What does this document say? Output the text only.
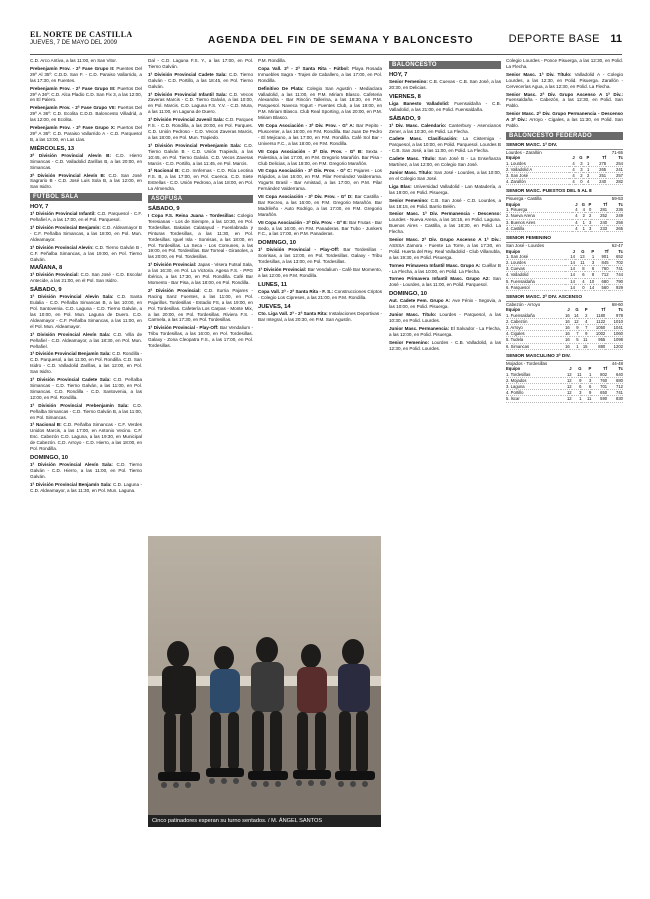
EL NORTE DE CASTILLA
JUEVES, 7 DE MAYO DEL 2009	AGENDA DEL FIN DE SEMANA Y BALONCESTO	DEPORTE BASE 11

C.D. Arco Antiva, a las 11:00, en San Vitor.

Prebenjamín Prov. - 2ª Fase Grupo II: Puentes Del 29º Al 35º: C.D.D. San F. - C.D. Paraiso Vallarrido, a las 17:30, en Fuentes.

Prebenjamín Prov. - 2ª Fase Grupo III: Puertos Del 29º A 36º: C.D. Alca Pladio C.D. San Fix 3, a las 12:00, en El Palero.

Prebenjamín Prov. - 2ª Fase Grupo VII: Puertos Del 29º A 36º: C.D. Ecolita C.D.D. Baloncesto Villadrid, a las 12:00, en Ecolita.

Prebenjamín Prov. - 2ª Fase Grupo X: Puertos Del 29º A 36º: C.D. Paraiso Vallarrido A - C.D. Parquesol B, a las 13:00, en Las Llas.

MIÉRCOLES, 13

3ª División Provincial Alevín B: C.D. Hierro Simancas - C.D. Valladolid Zarillas B, a las 20:00, en Simancas.

3ª División Provincial Alevín B: C.D. San José Sagrario B - C.D. José Luis Sola B, a las 12:00, en San Isidro.

FÚTBOL SALA
HOY, 7

1ª División Provincial Infantil: C.D. Parquesol - C.F. Peñafiel A, a las 17:00, en el Pol. Parquesol.

1ª División Provincial Benjamín: C.D. Aldeamayor B - C.F. Peñalba Simancas, a las 18:00, en Pol. Mun. Aldeamayor.

1ª División Provincial Alevín: C.D. Tierno Galván B - C.F. Peñalba Simancas, a las 19:00, en Pol. Tierno Galván.

MAÑANA, 8

1ª División Provincial: C.D. San José - C.D. Escolar Antecide, a las 21:00, en el Pol. San Isidro.

SÁBADO, 9

1ª División Provincial Alevín Sala: C.D. Santa Eulalia - C.D. Peñalba Simancas B, a las 10:00, en Pol. Santovenia. C.D. Laguna - C.D. Tierno Galván, a las 10:00, en Pol. Mun. Laguna de Duero. C.D. Aldeamayor - C.F. Peñalba Simancas, a las 11:00, en el Pol. Mun. Aldeamayor.

1ª División Provincial Alevín Sala: C.D. Villa de Peñafiel - C.D. Aldeamayor, a las 18:30, en Pol. Mun. Peñafiel.

1ª División Provincial Benjamín Sala: C.D. Rondilla - C.D. Parquesol, a las 11:00, en Pol. Rondilla. C.D. San Isidro - C.D. Valladolid Zarillas, a las 12:00, en Pol. San Isidro.

1ª División Provincial Cadete Sala: C.D. Peñalba Simancas - C.D. Tierno Galván, a las 11:00, en Pol. Simancas. C.D. Rondilla - C.D. Santovenia, a las 12:00, en Pol. Rondilla.

1ª División Provincial Prebenjamín Sala: C.D. Peñalba Simancas - C.D. Tierno Galván B, a las 11:00, en Pol. Simancas.

1ª Nacional B: C.D. Peñalba Simancas - C.F. Verdes Unidos Marcis, a las 17:00, en Antonio Vecino. C.F. Esc. Cabezón C.D. Laguna, a las 19:30, en Municipal de Cabezón. C.D. Arroyo - C.D. Hierro, a las 18:00, en Pol. Rondilla.

DOMINGO, 10

1ª División Provincial Alevín Sala: C.D. Tierno Galván - C.D. Hierro, a las 11:00, en Pol. Tierno Galván.

1ª División Provincial Benjamín Sala: C.D. Laguna - C.D. Aldeamayor, a las 11:30, en Pol. Mun. Laguna.

Dal - C.D. Laguna F.S. Y., a las 17:00, en Pol. Tierno Galván.

1ª División Provincial Cadete Sala: C.D. Tierno Galván - C.D. Portillo, a las 18:45, en Pol. Tierno Galván.

1ª División Provincial Infantil Sala: C.D. Vecos Zaveras Marcis - C.D. Tierno Galván, a las 10:00, en Pol. Marcis. C.D. Laguna F.S. Y.V. - C.D. Mura, a las 11:00, en Laguna de Duero.

1ª División Provincial Juvenil Sala: C.D. Parques F.S. - C.D. Rondilla, a las 20:00, en Pol. Parques. C.D. Unión Pedroso - C.D. Vecos Zaveras Marcis, a las 18:00, en Pol. Mun. Trapiedo.

1ª División Provincial Prebenjamín Sala: C.D. Tierno Galván B - C.D. Unión Trapiedo, a las 10:45, en Pol. Tierno Galván. C.D. Vecos Zaveras Marcis - C.D. Portillo, a las 11:45, en Pol. Marcis.

1ª Nacional B: C.D. Innfernas - C.D. Rúa Leotina F.S. B, a las 17:00, en Pol. Cuenca. C.D. Siete Estrellas - C.D. Unión Pedroso, a las 18:00, en Pol. La Almendra.

ASOFUSA
SÁBADO, 9

I Copa F.S. Reina Juana - Tordesillas: Colegio Teresianas - Los de Siempre, a las 10:30, en Pol. Tordesillas. Bakalas Calatayud - Fuenlabrada y Pinturas Tordesillas, a las 11:30, en Pol. Tordesillas. Iguel Isla - Sonrisas, a las 18:00, en Pol. Tordesillas. La Seca - Los Comunes, a las 19:00, en Pol. Tordesillas. Bar Torreal - Girasoles, a las 20:00, en Pol. Tordesillas.

1ª División Provincial: Japas - Visera Futsal Sala, a las 16:30, en Pol. La Victoria. Agesa F.S. - PPG Ibérica, a las 17:30, en Pol. Rondilla. Café Bar Momento - Bar Pisa, a las 18:00, en Pol. Rondilla.

2ª División Provincial: C.D. Iturria Pajares - Racing Sanz Fuentes, a las 11:00, en Pol. Pajarillos. Tordesillas - Estadio FS, a las 19:00, en Pol. Tordesillas. Cafetería Los Carpas - Monte Mix, a las 20:00, en Pol. Tordesillas. Riviera F.S. - Carmela, a las 17:30, en Pol. Tordesillas.

1ª División Provincial - Play-Off: Bar Vendalium - Tribu Tordesillas, a las 16:00, en Pol. Tordesillas. Galaxy - Zona Cleopatra F.S., a las 17:00, en Pol. Tordesillas.

P.M. Rondilla.

Copa Vall. 2ª - 2ª Santa Rita - Fútbol: Playa Rosada Inmuebles Sagra - Trajes de Caballero, a las 17:00, en Pol. Rondilla.

Definitivo De Plata: Colegio San Agustín - Mediaclara Valladolid, a las 11:00, en P.M. Miriam Blasco. Cafeteria Alexandra - Bar Rincón Tallerina, a las 18:30, en P.M. Parquesol. Naveca Yogurt - Fuentes Club, a las 19:00, en P.M. Miriam Blasco. Club Real Sporting, a las 20:00, en P.M. Miriam Blasco.

VII Copa Asociación - 3ª Div. Prov. - Gº A: Bar Pepito - Pluscenter, a las 16:00, en P.M. Rondilla. Bar Juan De Pedro - El Mejicano, a las 17:00, en P.M. Rondilla. Café Sol Bar - Universo F.C., a las 18:00, en P.M. Rondilla.

VII Copa Asociación - 3ª Div. Prov. - Gº B: Sexta - Palestina, a las 17:00, en P.M. Gregorio Marañón. Bar Pisa - Club Delicias, a las 18:00, en P.M. Gregorio Marañón.

VII Copa Asociación - 3ª Div. Prov. - Gº C: Pajares - Los Rápidos, a las 16:00, en P.M. Pilar Fernández Valderrama. Yogurts Brasil - Bar Amistad, a las 17:00, en P.M. Pilar Fernández Valderrama.

VII Copa Asociación - 3ª Div. Prov. - Gº D: Bar Castilla - Bar Recreo, a las 16:00, en P.M. Gregorio Marañón. Bar Madrileño - Auto Rodrigo, a las 17:00, en P.M. Gregorio Marañón.

VII Copa Asociación - 3ª Div. Prov. - Gº E: Bar Frutas - Bar Sedo, a las 16:00, en P.M. Panaderas. Bar Tubo - Junkers F.C., a las 17:00, en P.M. Panaderas.

DOMINGO, 10

1ª División Provincial - Play-Off: Bar Tordesillas - Sonrisas, a las 12:00, en Pol. Tordesillas. Galaxy - Tribu Tordesillas, a las 13:00, en Pol. Tordesillas.

1ª División Provincial: Bar Vendalium - Café Bar Momento, a las 12:00, en P.M. Rondilla.

LUNES, 11

Copa Vall. 2ª - 2ª Santa Rita - F. S.: Construcciones Criptos - Colegio Los Cipreses, a las 21:00, en P.M. Rondilla.

JUEVES, 14

Cto. Liga Vall. 2ª - 2ª Santa Rita: Instalaciones Deportivas - Bar Integral, a las 20:30, en P.M. San Agustín.

BALONCESTO
HOY, 7

Senior Femenino: C.B. Cuevas - C.B. San José, a las 20:30, en Delicias.

VIERNES, 8

Liga Banesto Valladolid: Fuensaldaña - C.B. Valladolid, a las 21:00, en Polid. Fuensaldaña.

SÁBADO, 9

1ª Div. Masc. Calendario: Canterbury - Asencianos Zener, a las 10:30, en Polid. La Flecha.

Cadete Masc. Clasificación: La Cisterniga - Parquesol, a las 10:00, en Polid. Parquesol. Lourdes B - C.B. San José, a las 11:00, en Polid. La Flecha.

Cadete Masc. Título: San José B - La Enseñanza Martínez, a las 12:00, en Colegio San José.

Junior Masc. Título: San José - Lourdes, a las 10:00, en el Colegio San José.

Liga Blas: Universidad Valladolid - Lan Matadería, a las 19:00, en Polid. Pisuerga.

Senior Femenino: C.B. San José - C.D. Lourdes, a las 18:15, en Polid. Barrio Belén.

Senior Masc. 1ª Div. Permanencia - Descenso: Lourdes - Nueva Arena, a las 16:15, en Polid. Laguna. Buenos Aires - Castilla, a las 18:30, en Polid. La Flecha.

Senior Masc. 2ª Div. Grupo Ascenso A 1ª Div.: ASSSA Zamora - Fuente La Torre, a las 17:30, en Polid. Huerta del Rey. Real Valladolid - Club Villanubla, a las 19:30, en Polid. Pisuerga.

Torneo Primavera Infantil Masc. Grupo A: Cuéllar B - La Flecha, a las 10:00, en Polid. La Flecha.

Torneo Primavera Infantil Masc. Grupo A2: San José - Lourdes, a las 11:00, en Polid. Parquesol.

DOMINGO, 10

Aut. Cadete Fem. Grupo A: Ave Fénix - Segovia, a las 10:00, en Polid. Pisuerga.

Junior Masc. Título: Lourdes - Parquesol, a las 10:30, en Polid. Lourdes.

Junior Masc. Permanencia: El Salvador - La Flecha, a las 12:00, en Polid. Pisuerga.

Senior Femenino: Lourdes - C.B. Valladolid, a las 12:30, en Polid. Lourdes.

Colegio Lourdes - Ponce Pisuerga, a las 12:30, en Polid. La Flecha.

Senior Masc. 1ª Div. Título: Valladolid A - Colegio Lourdes, a las 12:30, en Polid. Pisuerga. Zarallón - Cervecerías Agua, a las 12:30, en Polid. La Flecha.

Senior Masc. 2ª Div. Grupo Ascenso A 1ª Div.: Fuensaldaña - Cabezón, a las 12:30, en Polid. San Pablo.

Senior Masc. 2ª Div. Grupo Permanencia - Descenso A 3ª Div.: Arroyo - Cigales, a las 11:30, en Polid. San Pablo.

BALONCESTO FEDERADO
SENIOR MASC. 1ª DIV.
Lourdes - Zarallón	71-65
Equipo	J	G	P	Tf	Tc
1. Lourdes	4	3	1	278	254
2. Valladolid A	4	3	1	265	241
3. San José	4	2	2	251	257
4. Zarallón	4	0	4	240	282
SENIOR MASC. PUESTOS DEL 5 AL 8
Pisuerga - Castilla	59-53
Equipo	J	G	P	Tf	Tc
1. Pisuerga	4	4	0	281	236
2. Nueva Arena	4	2	2	252	249
3. Buenos Aires	4	1	3	240	256
4. Castilla	4	1	3	233	265
SENIOR FEMENINO
San José - Lourdes	62-47
Equipo	J	G	P	Tf	Tc
1. San José	14	13	1	901	652
2. Lourdes	14	11	3	845	702
3. Cuevas	14	8	6	760	741
4. Valladolid	14	6	8	712	744
5. Fuensaldaña	14	4	10	680	790
6. Parquesol	14	0	14	560	929
SENIOR MASC. 2ª DIV. ASCENSO
Cabezón - Arroyo	68-60
Equipo	J	G	P	Tf	Tc
1. Fuensaldaña	16	14	2	1180	978
2. Cabezón	16	12	4	1122	1010
3. Arroyo	16	9	7	1050	1041
4. Cigales	16	7	9	1002	1060
5. Tudela	16	5	11	955	1098
6. Simancas	16	1	15	880	1202
SENIOR MASCULINO 3ª DIV.
Mojados - Tordesillas	44-48
Equipo	J	G	P	Tf	Tc
1. Tordesillas	12	11	1	802	640
2. Mojados	12	9	3	760	680
3. Laguna	12	6	6	701	712
4. Portillo	12	3	9	650	741
5. Íscar	12	1	11	590	830
Cinco patinadores esperan su turno sentados. / M. ÁNGEL SANTOS
